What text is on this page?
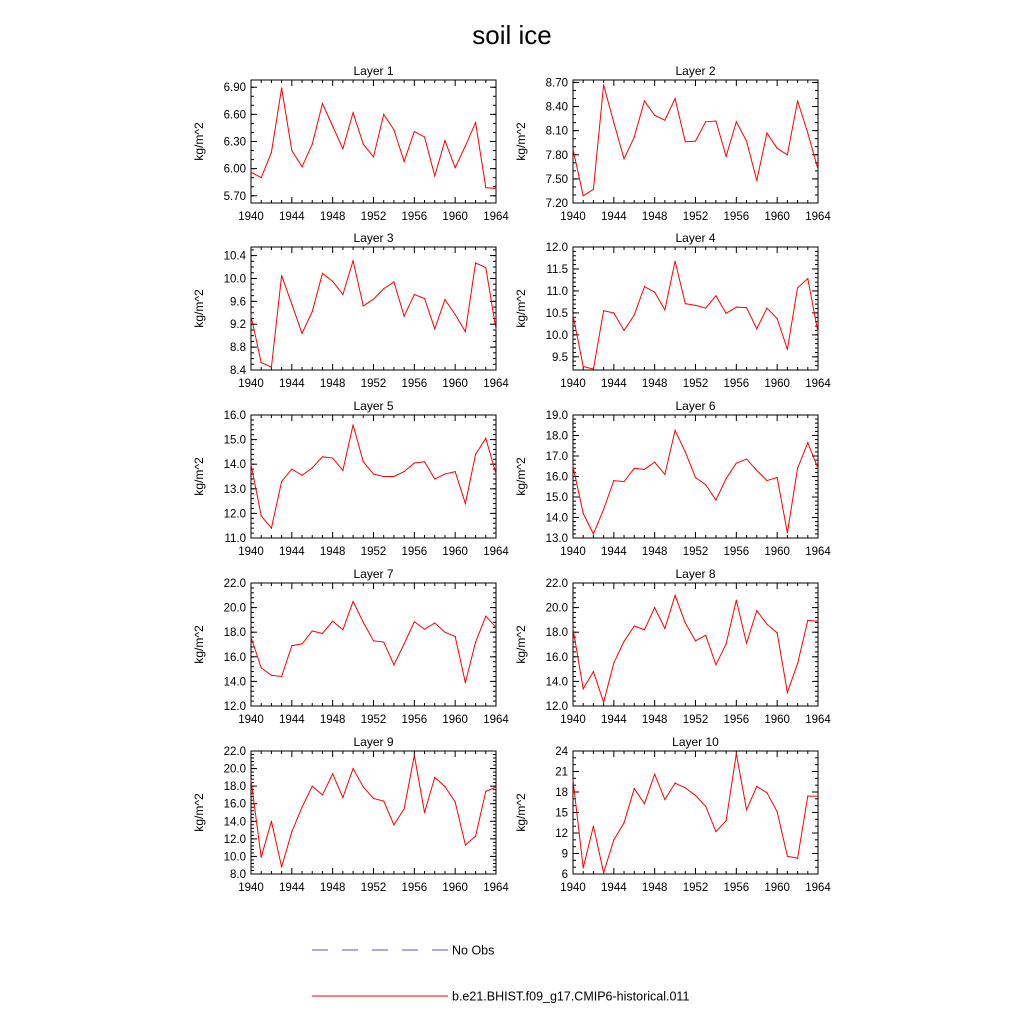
soil ice
Layer 1
kg/m^2
1940 1944 1948 1952 1956 1960 1964
5.70
6.00
6.30
6.60
6.90
Layer 2
kg/m^2
1940 1944 1948 1952 1956 1960 1964
7.20
7.50
7.80
8.10
8.40
8.70
Layer 3
kg/m^2
1940 1944 1948 1952 1956 1960 1964
8.4
8.8
9.2
9.6
10.0
10.4
Layer 4
kg/m^2
1940 1944 1948 1952 1956 1960 1964
9.5
10.0
10.5
11.0
11.5
12.0
Layer 5
kg/m^2
1940 1944 1948 1952 1956 1960 1964
11.0
12.0
13.0
14.0
15.0
16.0
Layer 6
kg/m^2
1940 1944 1948 1952 1956 1960 1964
13.0
14.0
15.0
16.0
17.0
18.0
19.0
Layer 7
kg/m^2
1940 1944 1948 1952 1956 1960 1964
12.0
14.0
16.0
18.0
20.0
22.0
Layer 8
kg/m^2
1940 1944 1948 1952 1956 1960 1964
12.0
14.0
16.0
18.0
20.0
22.0
Layer 9
kg/m^2
1940 1944 1948 1952 1956 1960 1964
8.0
10.0
12.0
14.0
16.0
18.0
20.0
22.0
Layer 10
kg/m^2
1940 1944 1948 1952 1956 1960 1964
6
9
12
15
18
21
24
No Obs
b.e21.BHIST.f09_g17.CMIP6-historical.011
